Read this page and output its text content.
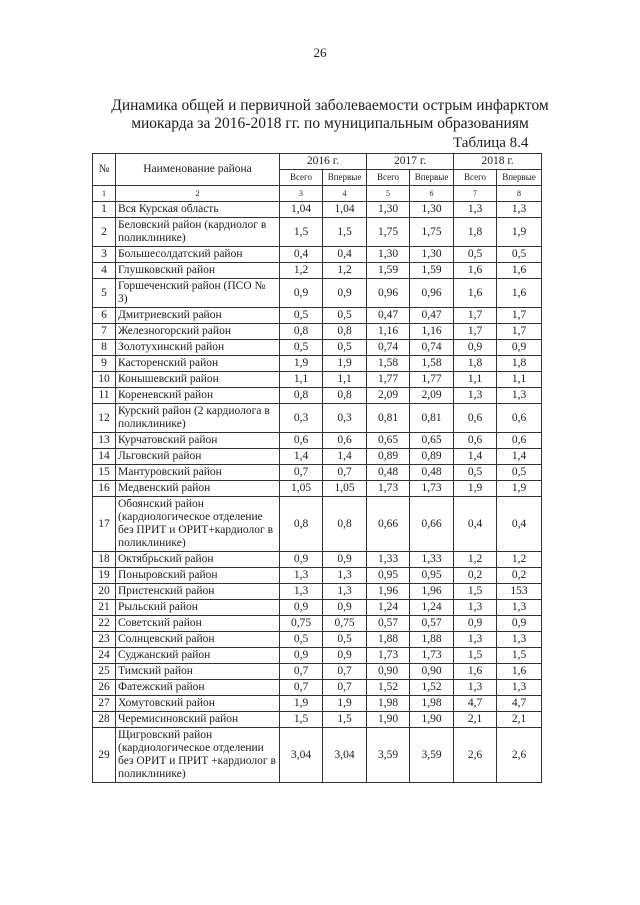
26
Динамика общей и первичной заболеваемости острым инфарктом
миокарда за 2016-2018 гг. по муниципальным образованиям
Таблица 8.4
№	Наименование района	2016 г.		2017 г.		2018 г.	
		Всего	Впервые	Всего	Впервые	Всего	Впервые
1	2	3	4	5	6	7	8
1	Вся Курская область	1,04	1,04	1,30	1,30	1,3	1,3
2	Беловский район (кардиолог в поликлинике)	1,5	1,5	1,75	1,75	1,8	1,9
3	Большесолдатский район	0,4	0,4	1,30	1,30	0,5	0,5
4	Глушковский район	1,2	1,2	1,59	1,59	1,6	1,6
5	Горшеченский район (ПСО № 3)	0,9	0,9	0,96	0,96	1,6	1,6
6	Дмитриевский район	0,5	0,5	0,47	0,47	1,7	1,7
7	Железногорский район	0,8	0,8	1,16	1,16	1,7	1,7
8	Золотухинский район	0,5	0,5	0,74	0,74	0,9	0,9
9	Касторенский район	1,9	1,9	1,58	1,58	1,8	1,8
10	Конышевский район	1,1	1,1	1,77	1,77	1,1	1,1
11	Кореневский район	0,8	0,8	2,09	2,09	1,3	1,3
12	Курский район (2 кардиолога в поликлинике)	0,3	0,3	0,81	0,81	0,6	0,6
13	Курчатовский район	0,6	0,6	0,65	0,65	0,6	0,6
14	Льговский район	1,4	1,4	0,89	0,89	1,4	1,4
15	Мантуровский район	0,7	0,7	0,48	0,48	0,5	0,5
16	Медвенский район	1,05	1,05	1,73	1,73	1,9	1,9
17	Обоянский район (кардиологическое отделение без ПРИТ и ОРИТ+кардиолог в поликлинике)	0,8	0,8	0,66	0,66	0,4	0,4
18	Октябрьский район	0,9	0,9	1,33	1,33	1,2	1,2
19	Поныровский район	1,3	1,3	0,95	0,95	0,2	0,2
20	Пристенский район	1,3	1,3	1,96	1,96	1,5	153
21	Рыльский район	0,9	0,9	1,24	1,24	1,3	1,3
22	Советский район	0,75	0,75	0,57	0,57	0,9	0,9
23	Солнцевский район	0,5	0,5	1,88	1,88	1,3	1,3
24	Суджанский район	0,9	0,9	1,73	1,73	1,5	1,5
25	Тимский район	0,7	0,7	0,90	0,90	1,6	1,6
26	Фатежский район	0,7	0,7	1,52	1,52	1,3	1,3
27	Хомутовский район	1,9	1,9	1,98	1,98	4,7	4,7
28	Черемисиновский район	1,5	1,5	1,90	1,90	2,1	2,1
29	Щигровский район (кардиологическое отделении без ОРИТ и ПРИТ +кардиолог в поликлинике)	3,04	3,04	3,59	3,59	2,6	2,6
